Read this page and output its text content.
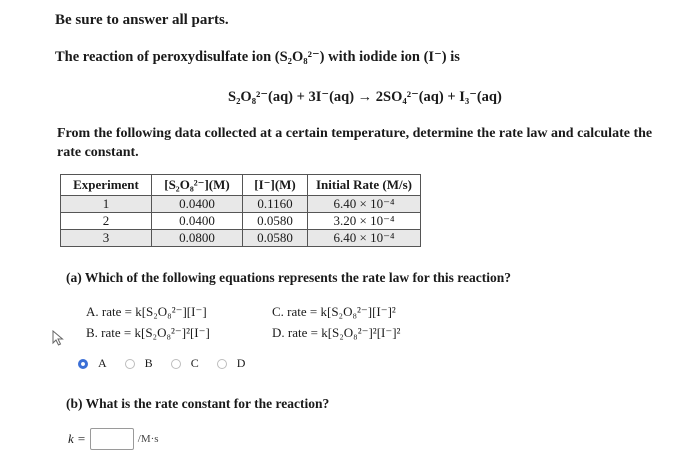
Be sure to answer all parts.
The reaction of peroxydisulfate ion (S₂O₈²⁻) with iodide ion (I⁻) is
S₂O₈²⁻(aq) + 3I⁻(aq) → 2SO₄²⁻(aq) + I₃⁻(aq)
From the following data collected at a certain temperature, determine the rate law and calculate the rate constant.
Experiment	[S₂O₈²⁻](M)	[I⁻](M)	Initial Rate (M/s)
1	0.0400	0.1160	6.40 × 10⁻⁴
2	0.0400	0.0580	3.20 × 10⁻⁴
3	0.0800	0.0580	6.40 × 10⁻⁴
(a) Which of the following equations represents the rate law for this reaction?
A. rate = k[S₂O₈²⁻][I⁻]
B. rate = k[S₂O₈²⁻]²[I⁻]
C. rate = k[S₂O₈²⁻][I⁻]²
D. rate = k[S₂O₈²⁻]²[I⁻]²
A	B	C	D
(b) What is the rate constant for the reaction?
k =	/M·s
